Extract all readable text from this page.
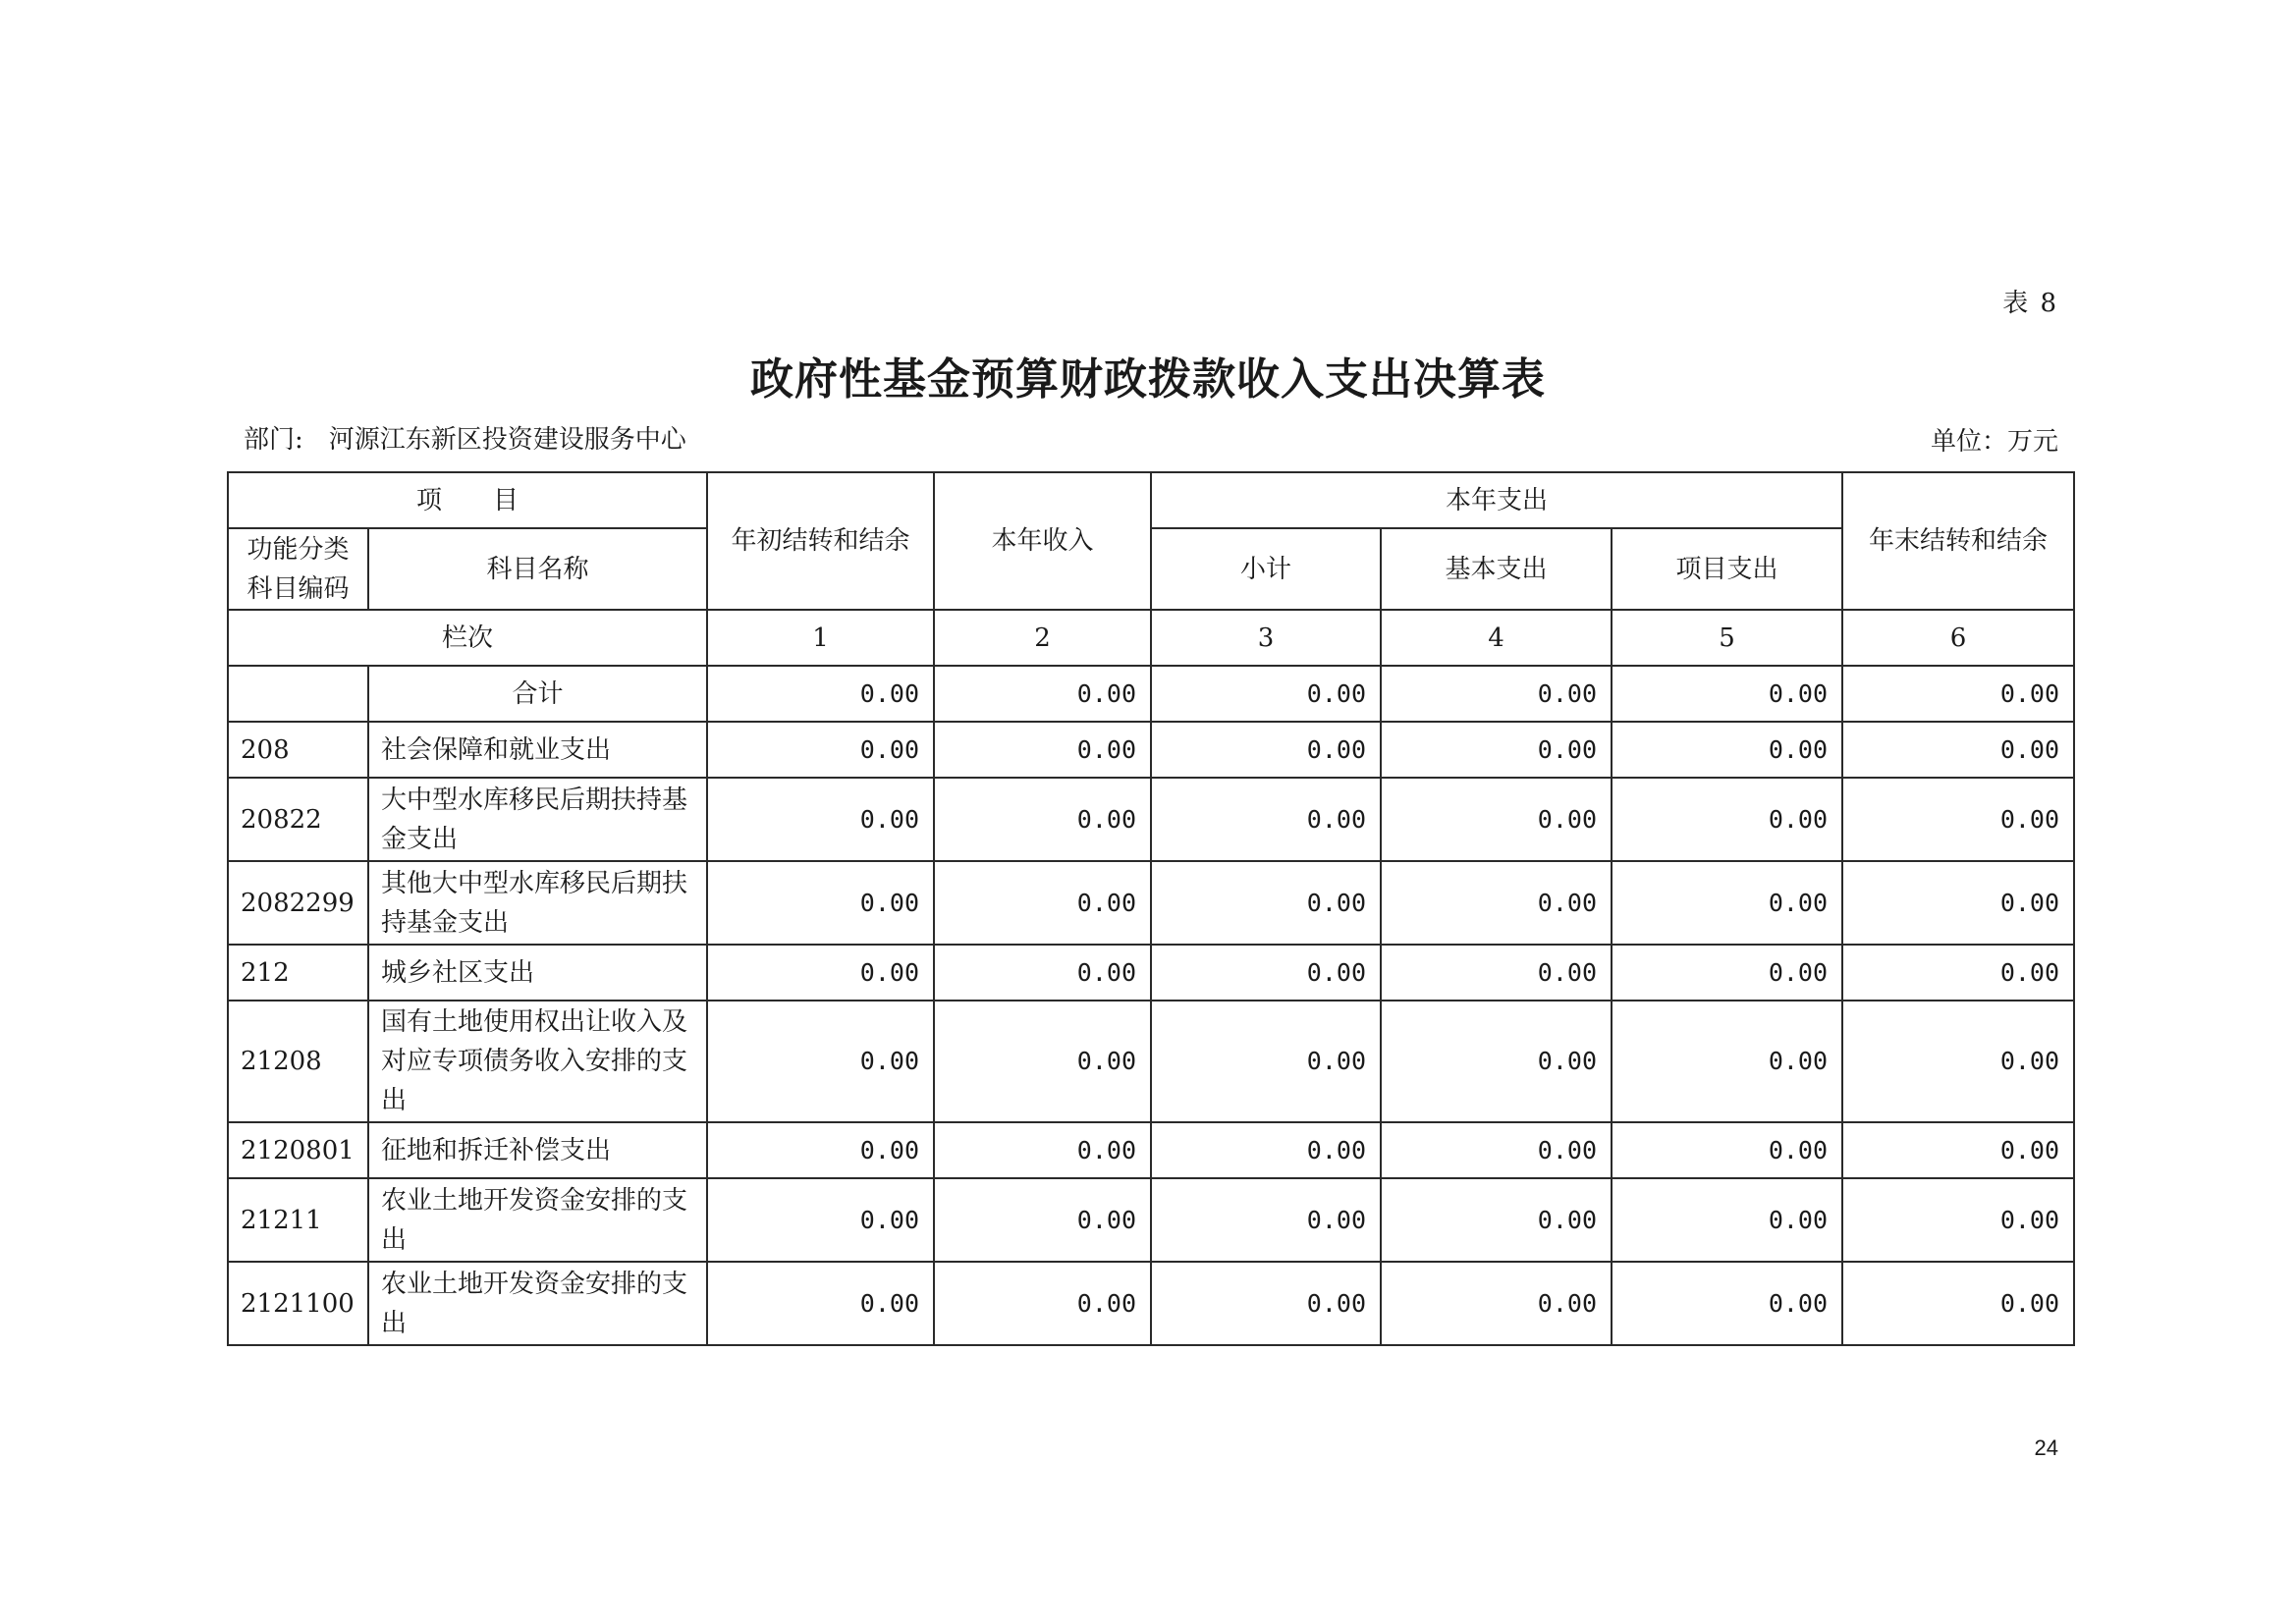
表 8
政府性基金预算财政拨款收入支出决算表
部门: 河源江东新区投资建设服务中心	单位：万元
项　　目		年初结转和结余	本年收入	本年支出			年末结转和结余
功能分类科目编码	科目名称			小计	基本支出	项目支出	
栏次		1	2	3	4	5	6
	合计	0.00	0.00	0.00	0.00	0.00	0.00
208	社会保障和就业支出	0.00	0.00	0.00	0.00	0.00	0.00
20822	大中型水库移民后期扶持基金支出	0.00	0.00	0.00	0.00	0.00	0.00
2082299	其他大中型水库移民后期扶持基金支出	0.00	0.00	0.00	0.00	0.00	0.00
212	城乡社区支出	0.00	0.00	0.00	0.00	0.00	0.00
21208	国有土地使用权出让收入及对应专项债务收入安排的支出	0.00	0.00	0.00	0.00	0.00	0.00
2120801	征地和拆迁补偿支出	0.00	0.00	0.00	0.00	0.00	0.00
21211	农业土地开发资金安排的支出	0.00	0.00	0.00	0.00	0.00	0.00
2121100	农业土地开发资金安排的支出	0.00	0.00	0.00	0.00	0.00	0.00
24
